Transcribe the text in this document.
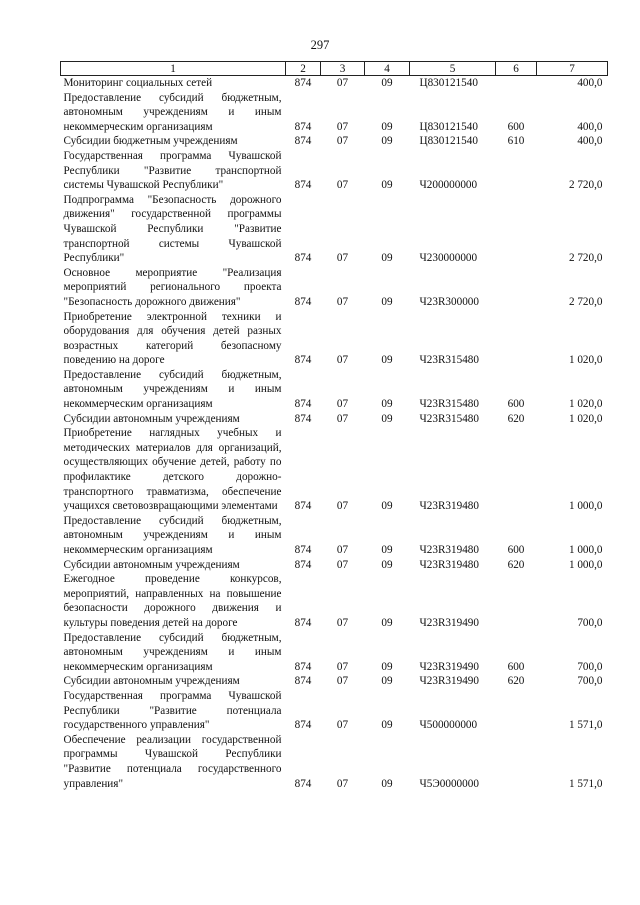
297
1	2	3	4	5	6	7
Мониторинг социальных сетей	874	07	09	Ц830121540		400,0
Предоставление субсидий бюджетным, автономным учреждениям и иным некоммерческим организациям	874	07	09	Ц830121540	600	400,0
Субсидии бюджетным учреждениям	874	07	09	Ц830121540	610	400,0
Государственная программа Чувашской Республики "Развитие транспортной системы Чувашской Республики"	874	07	09	Ч200000000		2 720,0
Подпрограмма "Безопасность дорожного движения" государственной программы Чувашской Республики "Развитие транспортной системы Чувашской Республики"	874	07	09	Ч230000000		2 720,0
Основное мероприятие "Реализация мероприятий регионального проекта "Безопасность дорожного движения"	874	07	09	Ч23R300000		2 720,0
Приобретение электронной техники и оборудования для обучения детей разных возрастных категорий безопасному поведению на дороге	874	07	09	Ч23R315480		1 020,0
Предоставление субсидий бюджетным, автономным учреждениям и иным некоммерческим организациям	874	07	09	Ч23R315480	600	1 020,0
Субсидии автономным учреждениям	874	07	09	Ч23R315480	620	1 020,0
Приобретение наглядных учебных и методических материалов для организаций, осуществляющих обучение детей, работу по профилактике детского дорожно-транспортного травматизма, обеспечение учащихся световозвращающими элементами	874	07	09	Ч23R319480		1 000,0
Предоставление субсидий бюджетным, автономным учреждениям и иным некоммерческим организациям	874	07	09	Ч23R319480	600	1 000,0
Субсидии автономным учреждениям	874	07	09	Ч23R319480	620	1 000,0
Ежегодное проведение конкурсов, мероприятий, направленных на повышение безопасности дорожного движения и культуры поведения детей на дороге	874	07	09	Ч23R319490		700,0
Предоставление субсидий бюджетным, автономным учреждениям и иным некоммерческим организациям	874	07	09	Ч23R319490	600	700,0
Субсидии автономным учреждениям	874	07	09	Ч23R319490	620	700,0
Государственная программа Чувашской Республики "Развитие потенциала государственного управления"	874	07	09	Ч500000000		1 571,0
Обеспечение реализации государственной программы Чувашской Республики "Развитие потенциала государственного управления"	874	07	09	Ч5Э0000000		1 571,0
